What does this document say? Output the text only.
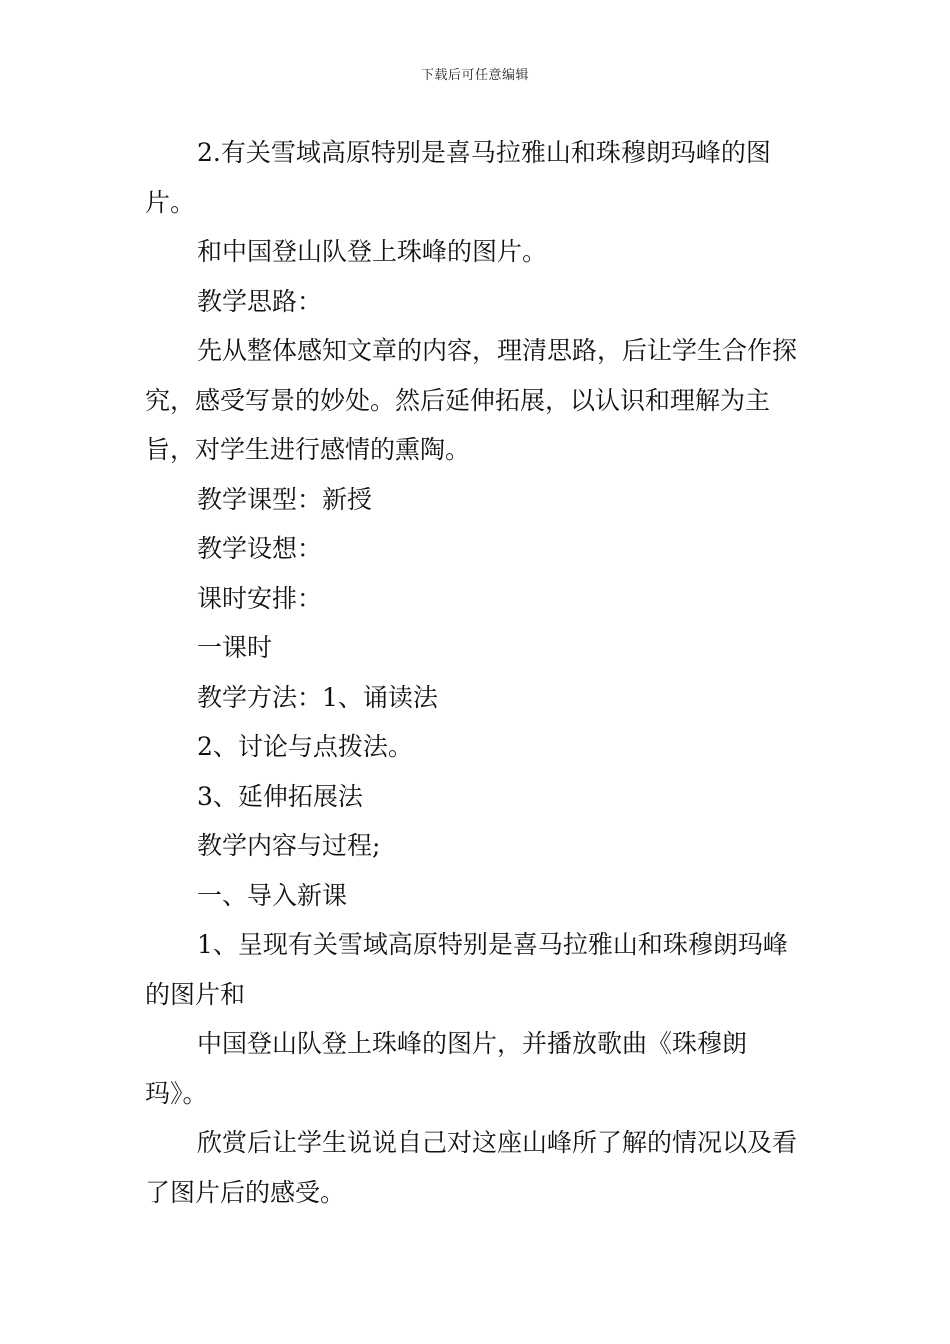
下载后可任意编辑

2.有关雪域高原特别是喜马拉雅山和珠穆朗玛峰的图片。

和中国登山队登上珠峰的图片。

教学思路：

先从整体感知文章的内容，理清思路，后让学生合作探究，感受写景的妙处。然后延伸拓展，以认识和理解为主旨，对学生进行感情的熏陶。

教学课型：新授

教学设想：

课时安排：

一课时

教学方法：1、诵读法

2、讨论与点拨法。

3、延伸拓展法

教学内容与过程;

一、导入新课

1、呈现有关雪域高原特别是喜马拉雅山和珠穆朗玛峰的图片和

中国登山队登上珠峰的图片，并播放歌曲《珠穆朗玛》。

欣赏后让学生说说自己对这座山峰所了解的情况以及看了图片后的感受。
